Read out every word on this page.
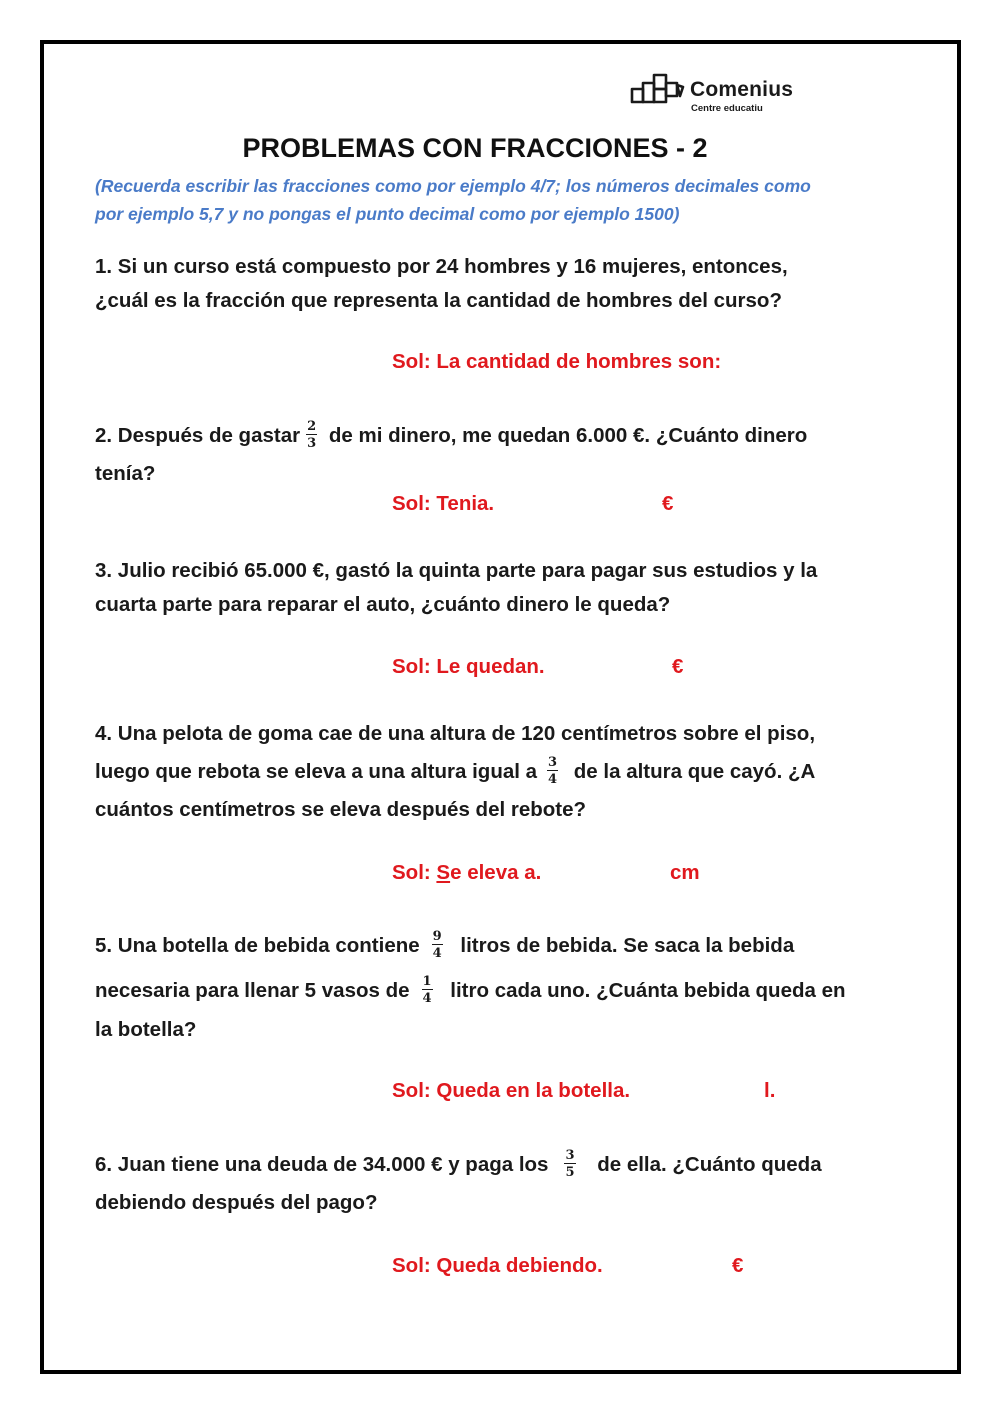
Comenius
Centre educatiu
PROBLEMAS CON FRACCIONES - 2
(Recuerda escribir las fracciones como por ejemplo 4/7; los números decimales como
por ejemplo 5,7 y no pongas el punto decimal como por ejemplo 1500)
1. Si un curso está compuesto por 24 hombres y 16 mujeres, entonces,
¿cuál es la fracción que representa la cantidad de hombres del curso?
Sol: La cantidad de hombres son:
2. Después de gastar $\frac{2}{3}$ de mi dinero, me quedan 6.000 €. ¿Cuánto dinero
tenía?
Sol: Tenia.	€
3. Julio recibió 65.000 €, gastó la quinta parte para pagar sus estudios y la
cuarta parte para reparar el auto, ¿cuánto dinero le queda?
Sol: Le quedan.	€
4. Una pelota de goma cae de una altura de 120 centímetros sobre el piso,
luego que rebota se eleva a una altura igual a $\frac{3}{4}$ de la altura que cayó. ¿A
cuántos centímetros se eleva después del rebote?
Sol: Se eleva a.	cm
5. Una botella de bebida contiene $\frac{9}{4}$ litros de bebida. Se saca la bebida
necesaria para llenar 5 vasos de $\frac{1}{4}$ litro cada uno. ¿Cuánta bebida queda en
la botella?
Sol: Queda en la botella.	l.
6. Juan tiene una deuda de 34.000 € y paga los $\frac{3}{5}$ de ella. ¿Cuánto queda
debiendo después del pago?
Sol: Queda debiendo.	€
